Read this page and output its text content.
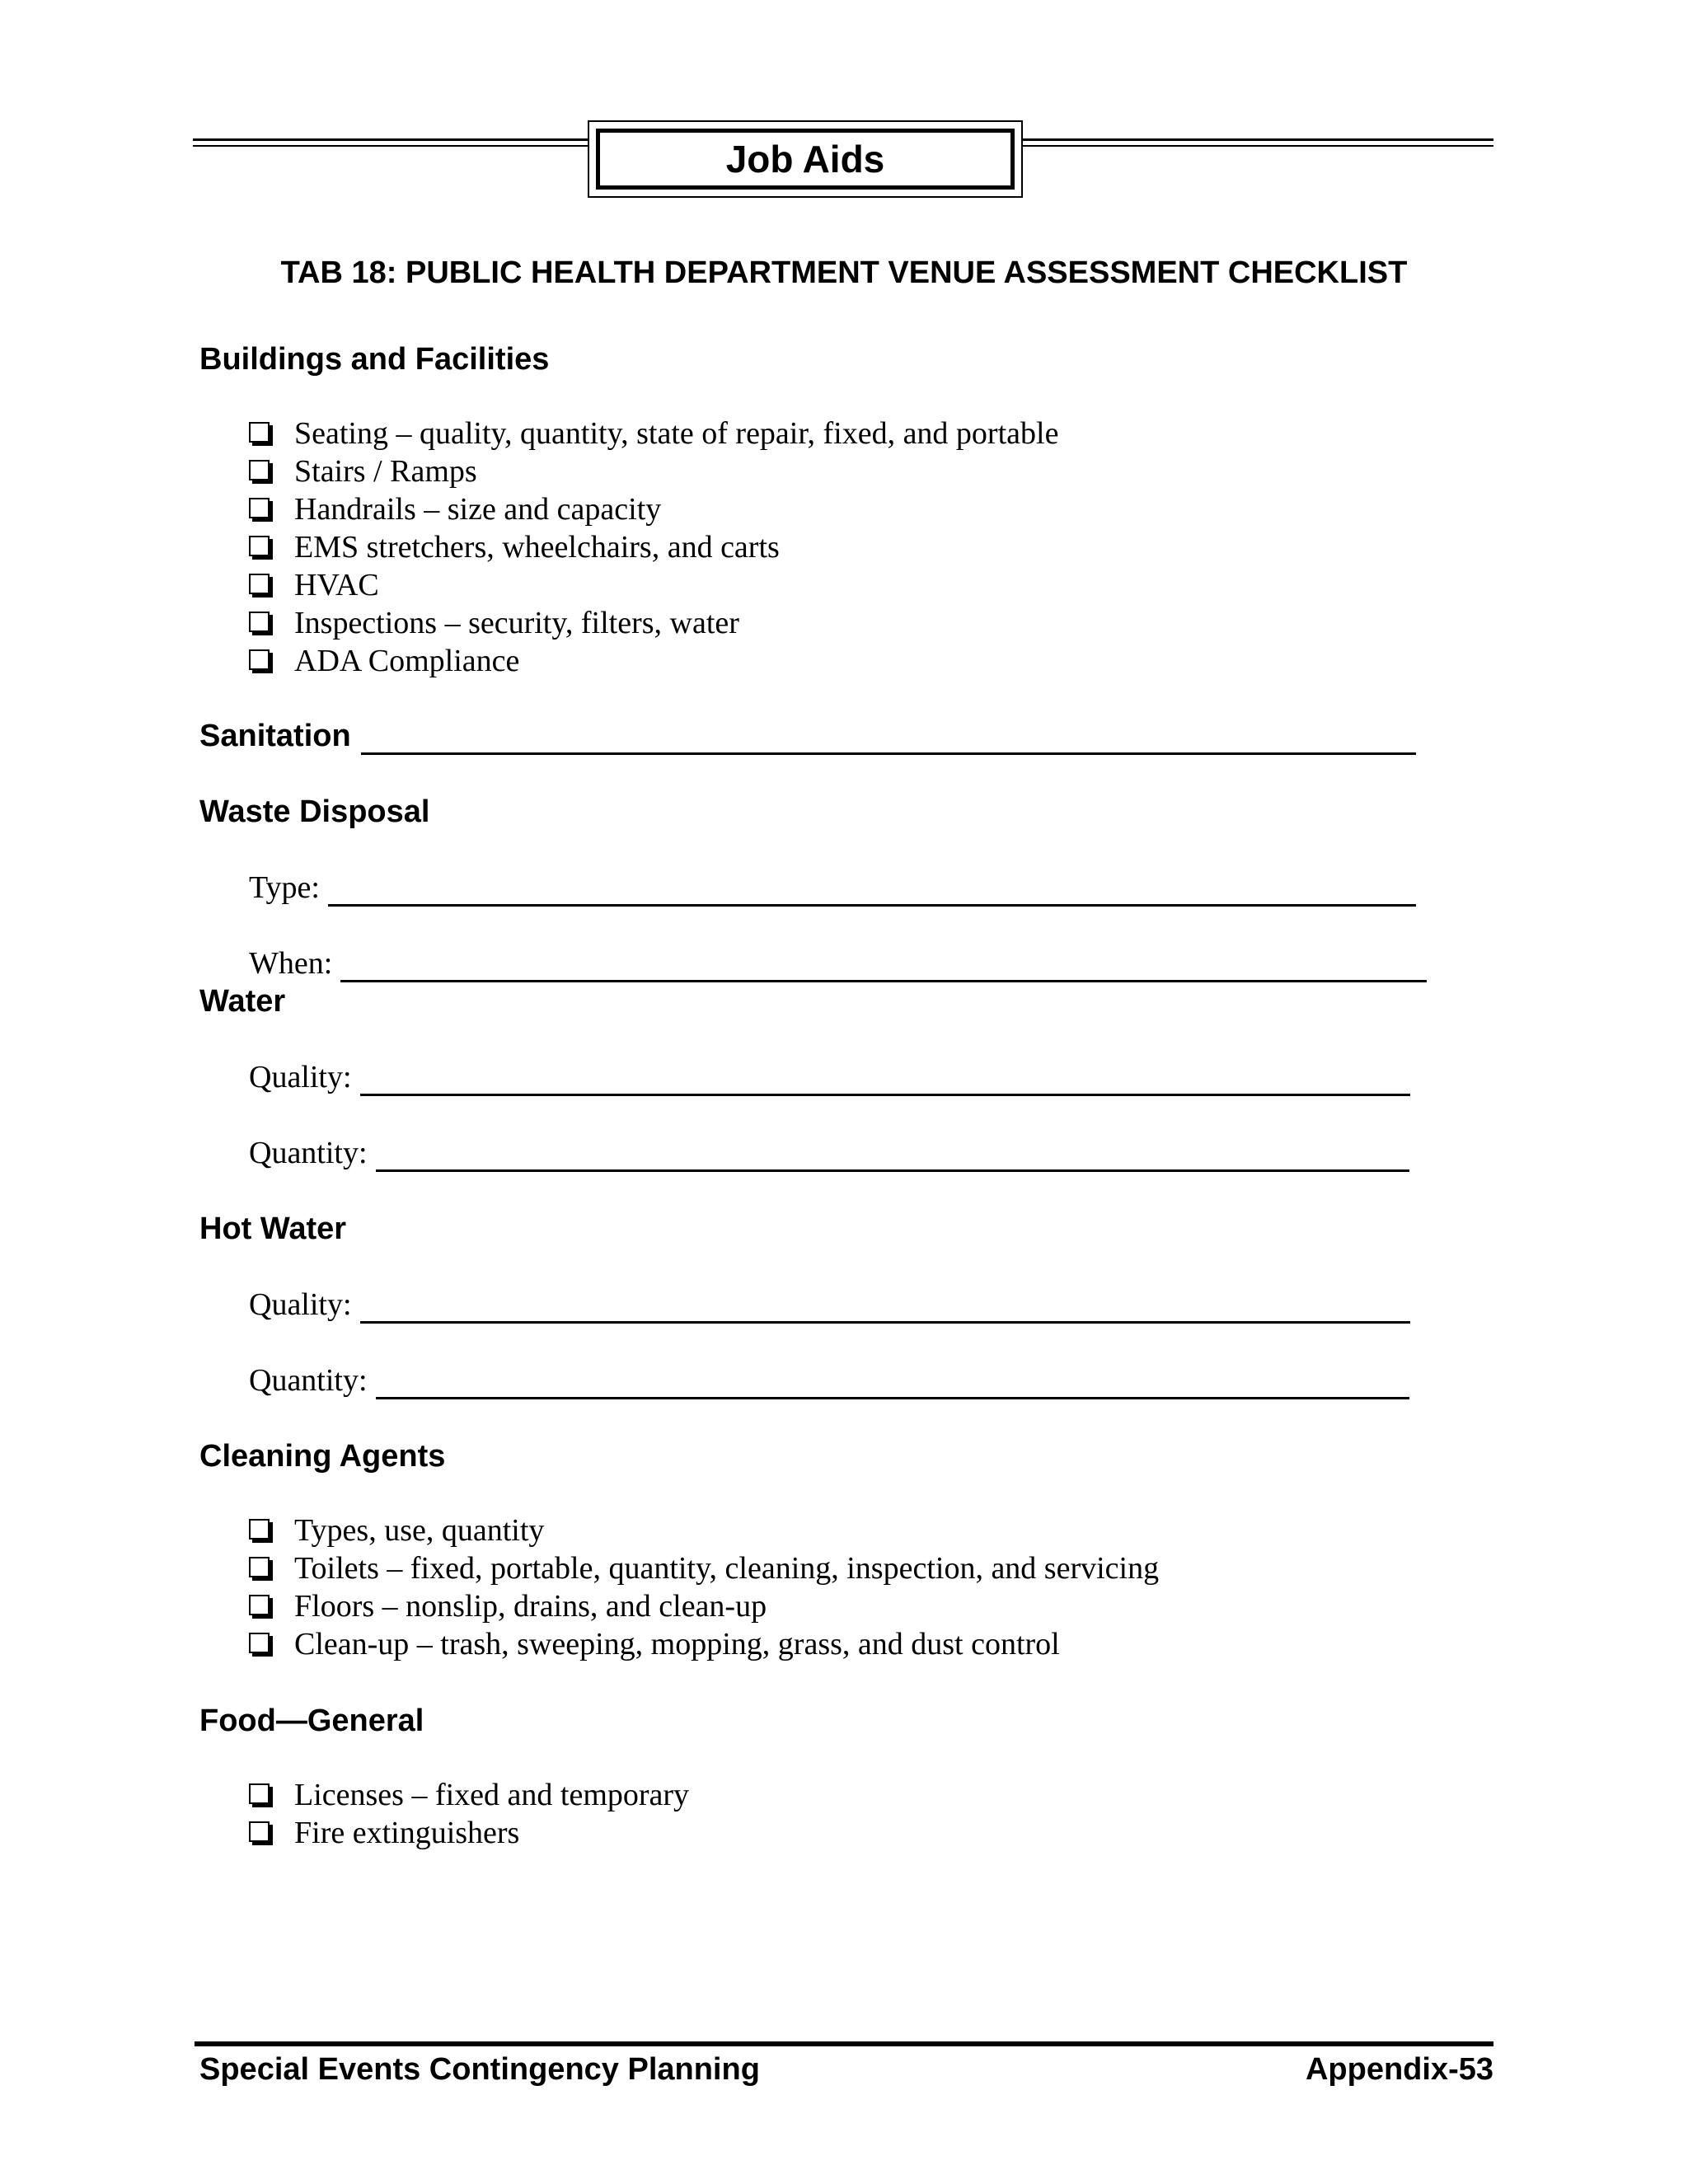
Job Aids
TAB 18: PUBLIC HEALTH DEPARTMENT VENUE ASSESSMENT CHECKLIST
Buildings and Facilities
Seating – quality, quantity, state of repair, fixed, and portable
Stairs / Ramps
Handrails – size and capacity
EMS stretchers, wheelchairs, and carts
HVAC
Inspections – security, filters, water
ADA Compliance
Sanitation
Waste Disposal
Type:
When:
Water
Quality:
Quantity:
Hot Water
Quality:
Quantity:
Cleaning Agents
Types, use, quantity
Toilets – fixed, portable, quantity, cleaning, inspection, and servicing
Floors – nonslip, drains, and clean-up
Clean-up – trash, sweeping, mopping, grass, and dust control
Food—General
Licenses – fixed and temporary
Fire extinguishers
Special Events Contingency Planning	Appendix-53
